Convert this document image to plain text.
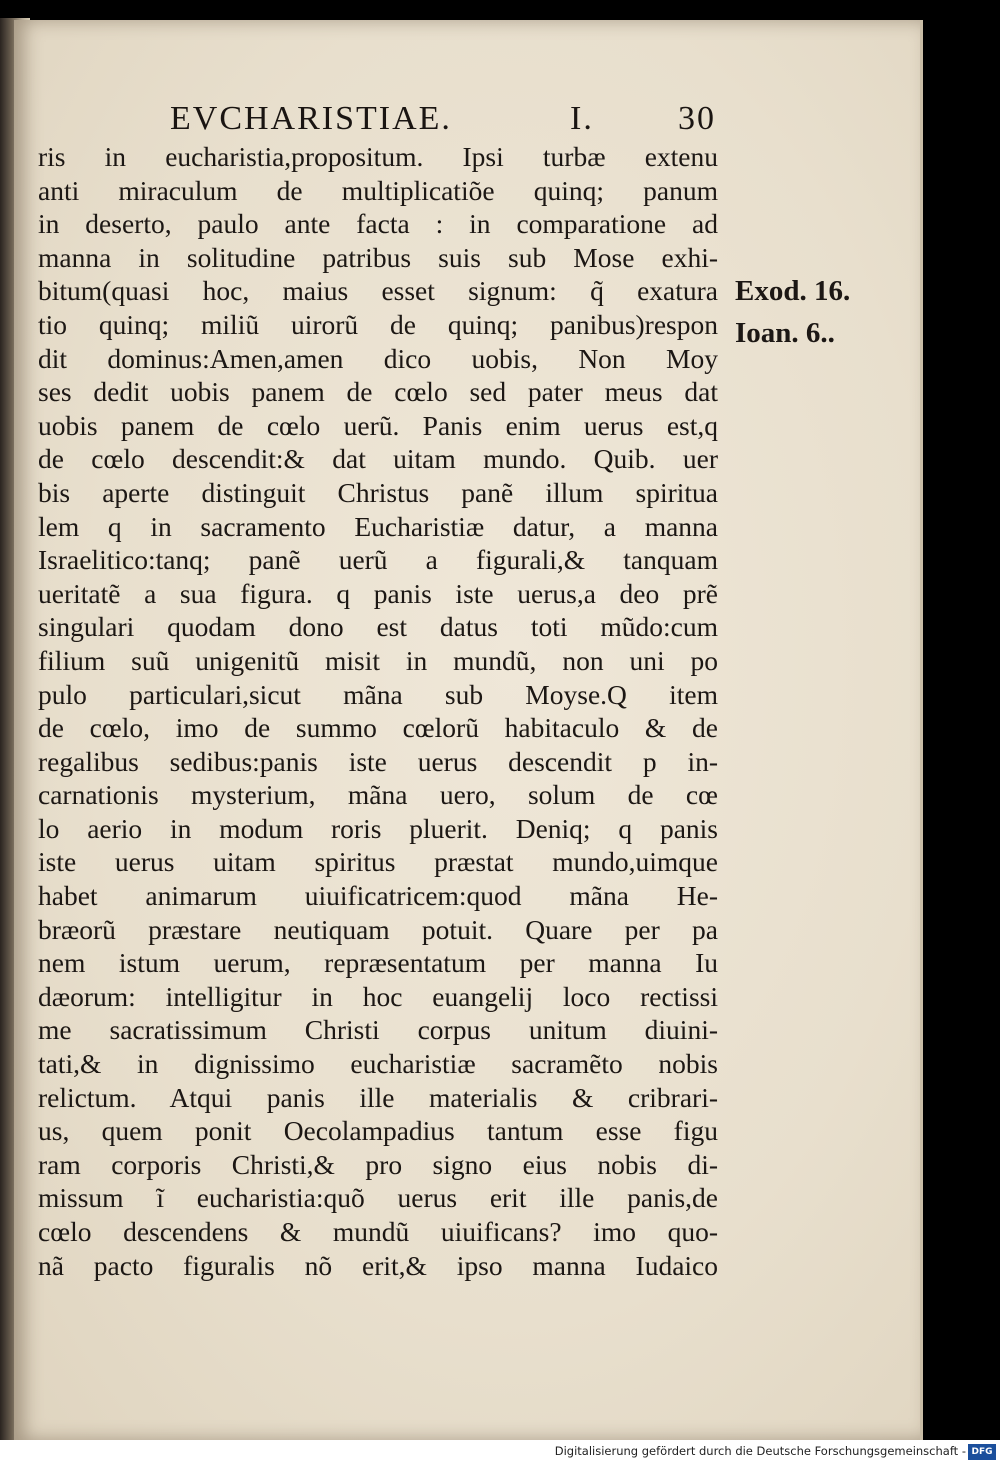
EVCHARISTIAE.	I. 30
ris in eucharistia,propositum. Ipsi turbæ extenu
anti miraculum de multiplicatiõe quinq; panum
in deserto, paulo ante facta : in comparatione ad
manna in solitudine patribus suis sub Mose exhi-
bitum(quasi hoc, maius esset signum: q̃ exatura
tio quinq; miliũ uirorũ de quinq; panibus)respon
dit dominus:Amen,amen dico uobis, Non Moy
ses dedit uobis panem de cœlo sed pater meus dat
uobis panem de cœlo uerũ. Panis enim uerus est,q
de cœlo descendit:& dat uitam mundo. Quib. uer
bis aperte distinguit Christus panẽ illum spiritua
lem q in sacramento Eucharistiæ datur, a manna
Israelitico:tanq; panẽ uerũ a figurali,& tanquam
ueritatẽ a sua figura. q panis iste uerus,a deo prẽ
singulari quodam dono est datus toti mũdo:cum
filium suũ unigenitũ misit in mundũ, non uni po
pulo particulari,sicut mãna sub Moyse.Q item
de cœlo, imo de summo cœlorũ habitaculo & de
regalibus sedibus:panis iste uerus descendit p in-
carnationis mysterium, mãna uero, solum de cœ
lo aerio in modum roris pluerit. Deniq; q panis
iste uerus uitam spiritus præstat mundo,uimque
habet animarum uiuificatricem:quod mãna He-
bræorũ præstare neutiquam potuit. Quare per pa
nem istum uerum, repræsentatum per manna Iu
dæorum: intelligitur in hoc euangelij loco rectissi
me sacratissimum Christi corpus unitum diuini-
tati,& in dignissimo eucharistiæ sacramẽto nobis
relictum. Atqui panis ille materialis & cribrari-
us, quem ponit Oecolampadius tantum esse figu
ram corporis Christi,& pro signo eius nobis di-
missum ĩ eucharistia:quõ uerus erit ille panis,de
cœlo descendens & mundũ uiuificans? imo quo-
nã pacto figuralis nõ erit,& ipso manna Iudaico
Exod. 16.
Ioan. 6..
Digitalisierung gefördert durch die Deutsche Forschungsgemeinschaft - DFG
